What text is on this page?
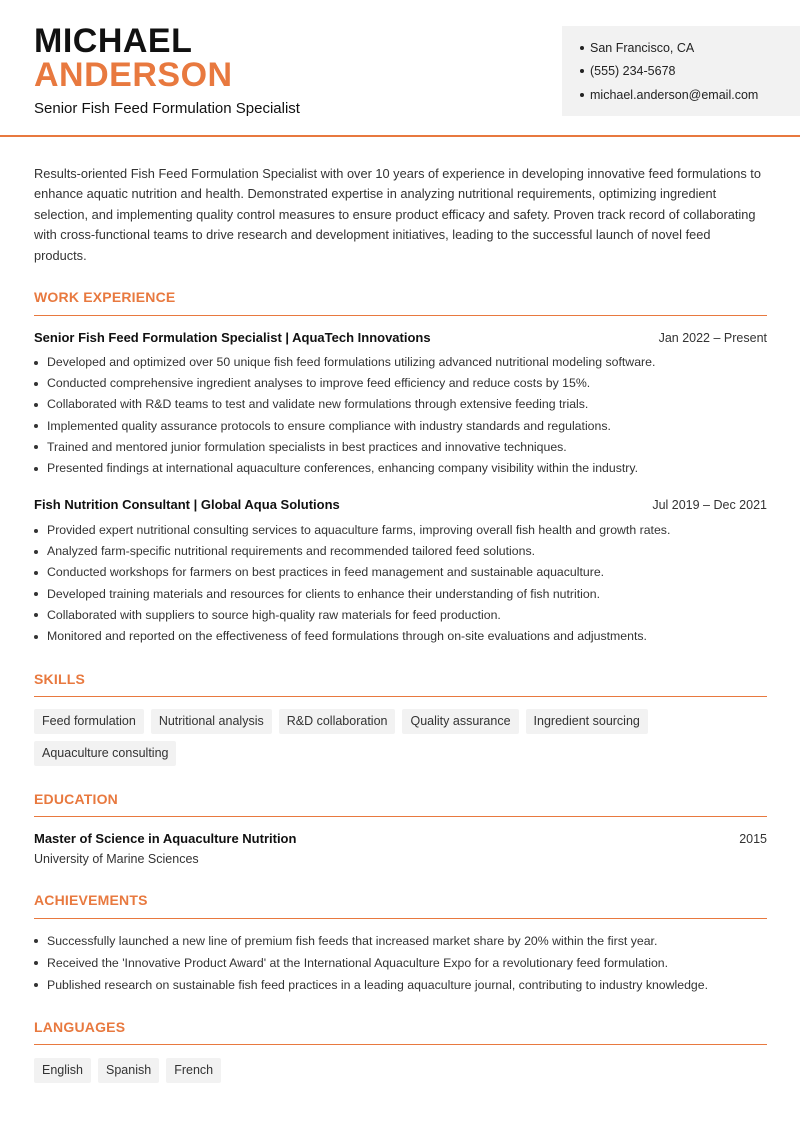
MICHAEL
ANDERSON
Senior Fish Feed Formulation Specialist
San Francisco, CA
(555) 234-5678
michael.anderson@email.com

Results-oriented Fish Feed Formulation Specialist with over 10 years of experience in developing innovative feed formulations to enhance aquatic nutrition and health. Demonstrated expertise in analyzing nutritional requirements, optimizing ingredient selection, and implementing quality control measures to ensure product efficacy and safety. Proven track record of collaborating with cross-functional teams to drive research and development initiatives, leading to the successful launch of novel feed products.

WORK EXPERIENCE
Senior Fish Feed Formulation Specialist | AquaTech Innovations	Jan 2022 – Present
Developed and optimized over 50 unique fish feed formulations utilizing advanced nutritional modeling software.
Conducted comprehensive ingredient analyses to improve feed efficiency and reduce costs by 15%.
Collaborated with R&D teams to test and validate new formulations through extensive feeding trials.
Implemented quality assurance protocols to ensure compliance with industry standards and regulations.
Trained and mentored junior formulation specialists in best practices and innovative techniques.
Presented findings at international aquaculture conferences, enhancing company visibility within the industry.
Fish Nutrition Consultant | Global Aqua Solutions	Jul 2019 – Dec 2021
Provided expert nutritional consulting services to aquaculture farms, improving overall fish health and growth rates.
Analyzed farm-specific nutritional requirements and recommended tailored feed solutions.
Conducted workshops for farmers on best practices in feed management and sustainable aquaculture.
Developed training materials and resources for clients to enhance their understanding of fish nutrition.
Collaborated with suppliers to source high-quality raw materials for feed production.
Monitored and reported on the effectiveness of feed formulations through on-site evaluations and adjustments.
SKILLS
Feed formulation	Nutritional analysis	R&D collaboration	Quality assurance	Ingredient sourcing
Aquaculture consulting
EDUCATION
Master of Science in Aquaculture Nutrition	2015
University of Marine Sciences
ACHIEVEMENTS
Successfully launched a new line of premium fish feeds that increased market share by 20% within the first year.
Received the 'Innovative Product Award' at the International Aquaculture Expo for a revolutionary feed formulation.
Published research on sustainable fish feed practices in a leading aquaculture journal, contributing to industry knowledge.
LANGUAGES
English	Spanish	French
